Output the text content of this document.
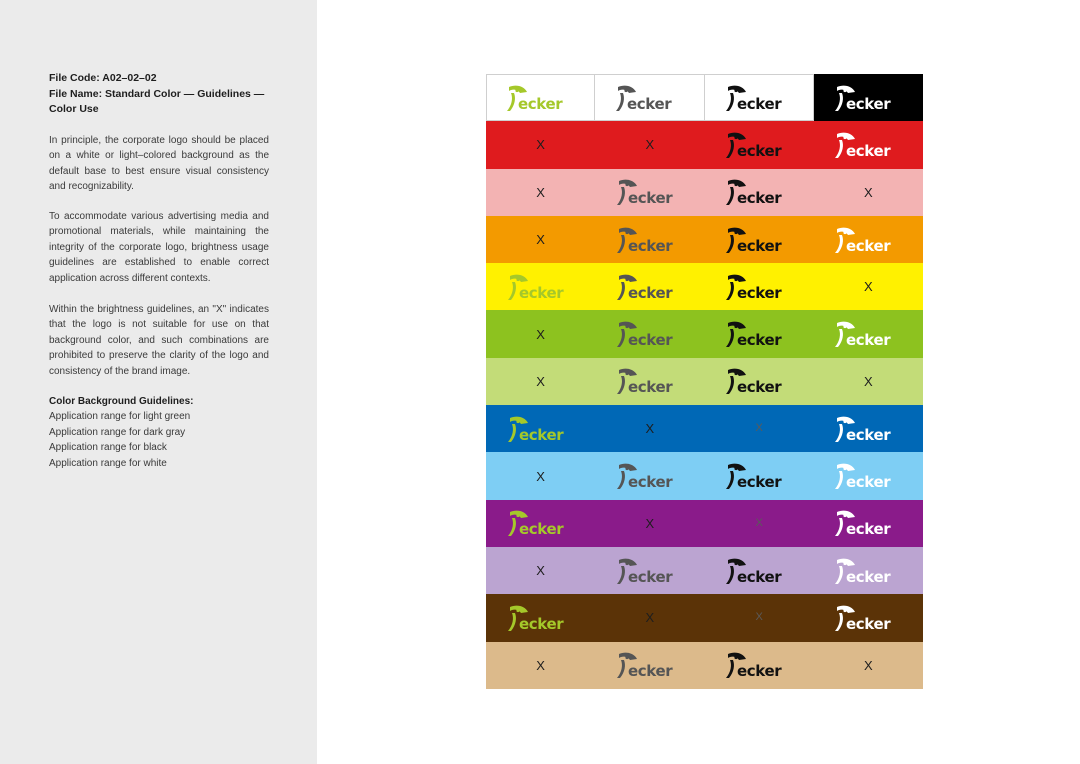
File Code: A02–02–02
File Name: Standard Color — Guidelines —
Color Use
In principle, the corporate logo should be placed on a white or light–colored background as the default base to best ensure visual consistency and recognizability.
To accommodate various advertising media and promotional materials, while maintaining the integrity of the corporate logo, brightness usage guidelines are established to enable correct application across different contexts.
Within the brightness guidelines, an "X" indicates that the logo is not suitable for use on that background color, and such combinations are prohibited to preserve the clarity of the logo and consistency of the brand image.
Color Background Guidelines:
Application range for light green
Application range for dark gray
Application range for black
Application range for white
ecker	ecker	ecker	ecker
X	X	ecker	ecker
X	ecker	ecker	X
X	ecker	ecker	ecker
ecker	ecker	ecker	X
X	ecker	ecker	ecker
X	ecker	ecker	X
ecker	X	X	ecker
X	ecker	ecker	ecker
ecker	X	X	ecker
X	ecker	ecker	ecker
ecker	X	X	ecker
X	ecker	ecker	X
